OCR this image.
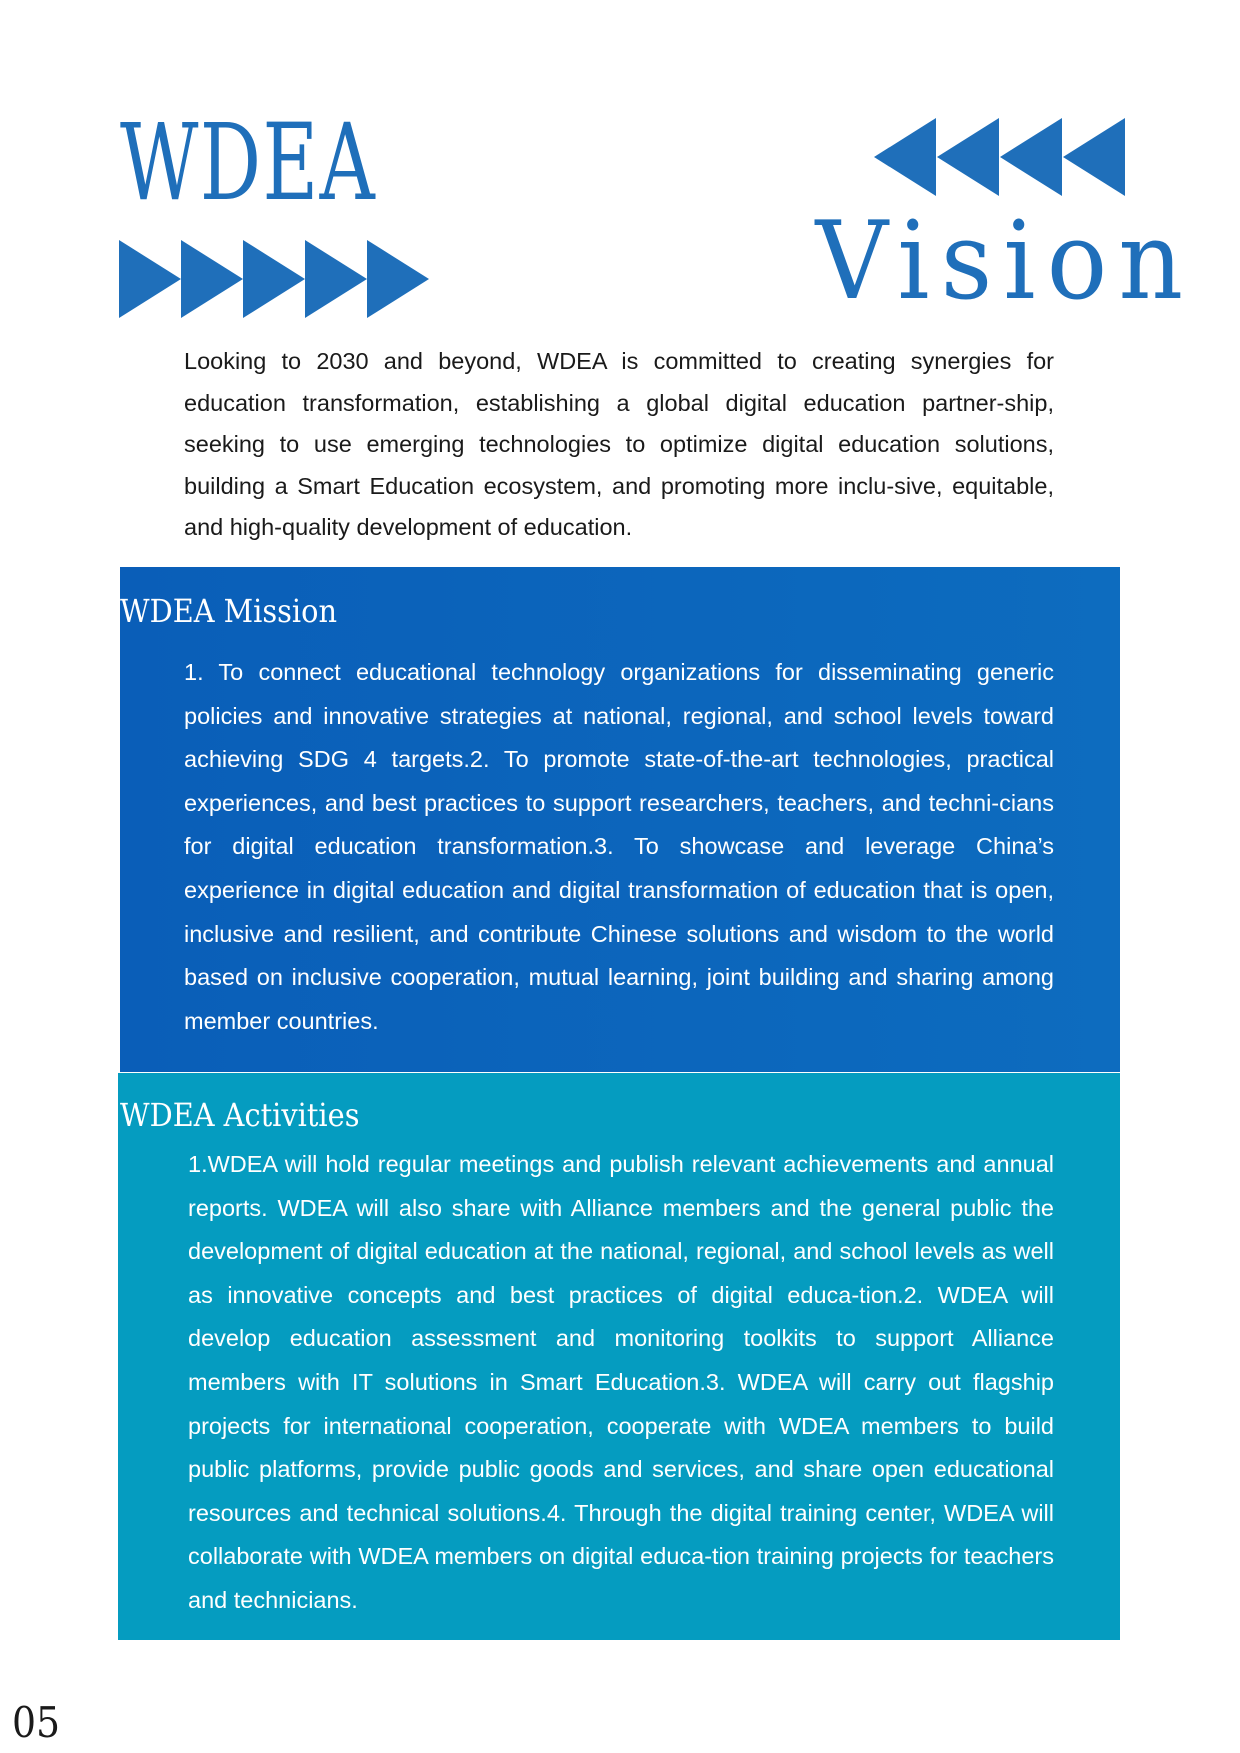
WDEA
Vision

Looking to 2030 and beyond, WDEA is committed to creating synergies for education transformation, establishing a global digital education partner-ship, seeking to use emerging technologies to optimize digital education solutions, building a Smart Education ecosystem, and promoting more inclu-sive, equitable, and high-quality development of education.

WDEA Mission

1. To connect educational technology organizations for disseminating generic policies and innovative strategies at national, regional, and school levels toward achieving SDG 4 targets.2. To promote state-of-the-art technologies, practical experiences, and best practices to support researchers, teachers, and techni-cians for digital education transformation.3. To showcase and leverage China’s experience in digital education and digital transformation of education that is open, inclusive and resilient, and contribute Chinese solutions and wisdom to the world based on inclusive cooperation, mutual learning, joint building and sharing among member countries.

WDEA Activities

1.WDEA will hold regular meetings and publish relevant achievements and annual reports. WDEA will also share with Alliance members and the general public the development of digital education at the national, regional, and school levels as well as innovative concepts and best practices of digital educa-tion.2. WDEA will develop education assessment and monitoring toolkits to support Alliance members with IT solutions in Smart Education.3. WDEA will carry out flagship projects for international cooperation, cooperate with WDEA members to build public platforms, provide public goods and services, and share open educational resources and technical solutions.4. Through the digital training center, WDEA will collaborate with WDEA members on digital educa-tion training projects for teachers and technicians.

05
